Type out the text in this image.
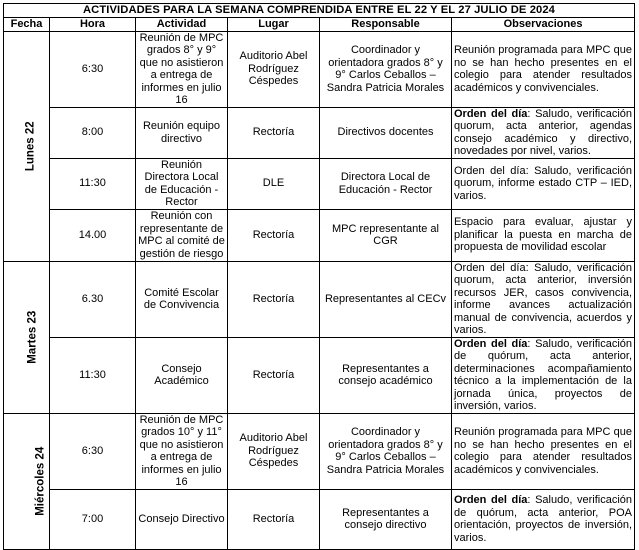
ACTIVIDADES PARA LA SEMANA COMPRENDIDA ENTRE EL 22 Y EL 27 JULIO DE 2024					
Fecha	Hora	Actividad	Lugar	Responsable	Observaciones
Lunes 22	6:30	Reunión de MPC grados 8° y 9° que no asistieron a entrega de informes en julio 16	Auditorio Abel Rodríguez Céspedes	Coordinador y orientadora grados 8° y 9° Carlos Ceballos – Sandra Patricia Morales	Reunión programada para MPC que no se han hecho presentes en el colegio para atender resultados académicos y convivenciales.
	8:00	Reunión equipo directivo	Rectoría	Directivos docentes	Orden del día: Saludo, verificación quorum, acta anterior, agendas consejo académico y directivo, novedades por nivel, varios.
	11:30	Reunión Directora Local de Educación - Rector	DLE	Directora Local de Educación - Rector	Orden del día: Saludo, verificación quorum, informe estado CTP – IED, varios.
	14.00	Reunión con representante de MPC al comité de gestión de riesgo	Rectoría	MPC representante al CGR	Espacio para evaluar, ajustar y planificar la puesta en marcha de propuesta de movilidad escolar
Martes 23	6.30	Comité Escolar de Convivencia	Rectoría	Representantes al CECv	Orden del día: Saludo, verificación quorum, acta anterior, inversión recursos JER, casos convivencia, informe avances actualización manual de convivencia, acuerdos y varios.
	11:30	Consejo Académico	Rectoría	Representantes a consejo académico	Orden del día: Saludo, verificación de quórum, acta anterior, determinaciones acompañamiento técnico a la implementación de la jornada única, proyectos de inversión, varios.
Miércoles 24	6:30	Reunión de MPC grados 10° y 11° que no asistieron a entrega de informes en julio 16	Auditorio Abel Rodríguez Céspedes	Coordinador y orientadora grados 8° y 9° Carlos Ceballos – Sandra Patricia Morales	Reunión programada para MPC que no se han hecho presentes en el colegio para atender resultados académicos y convivenciales.
	7:00	Consejo Directivo	Rectoría	Representantes a consejo directivo	Orden del día: Saludo, verificación de quórum, acta anterior, POA orientación, proyectos de inversión, varios.
